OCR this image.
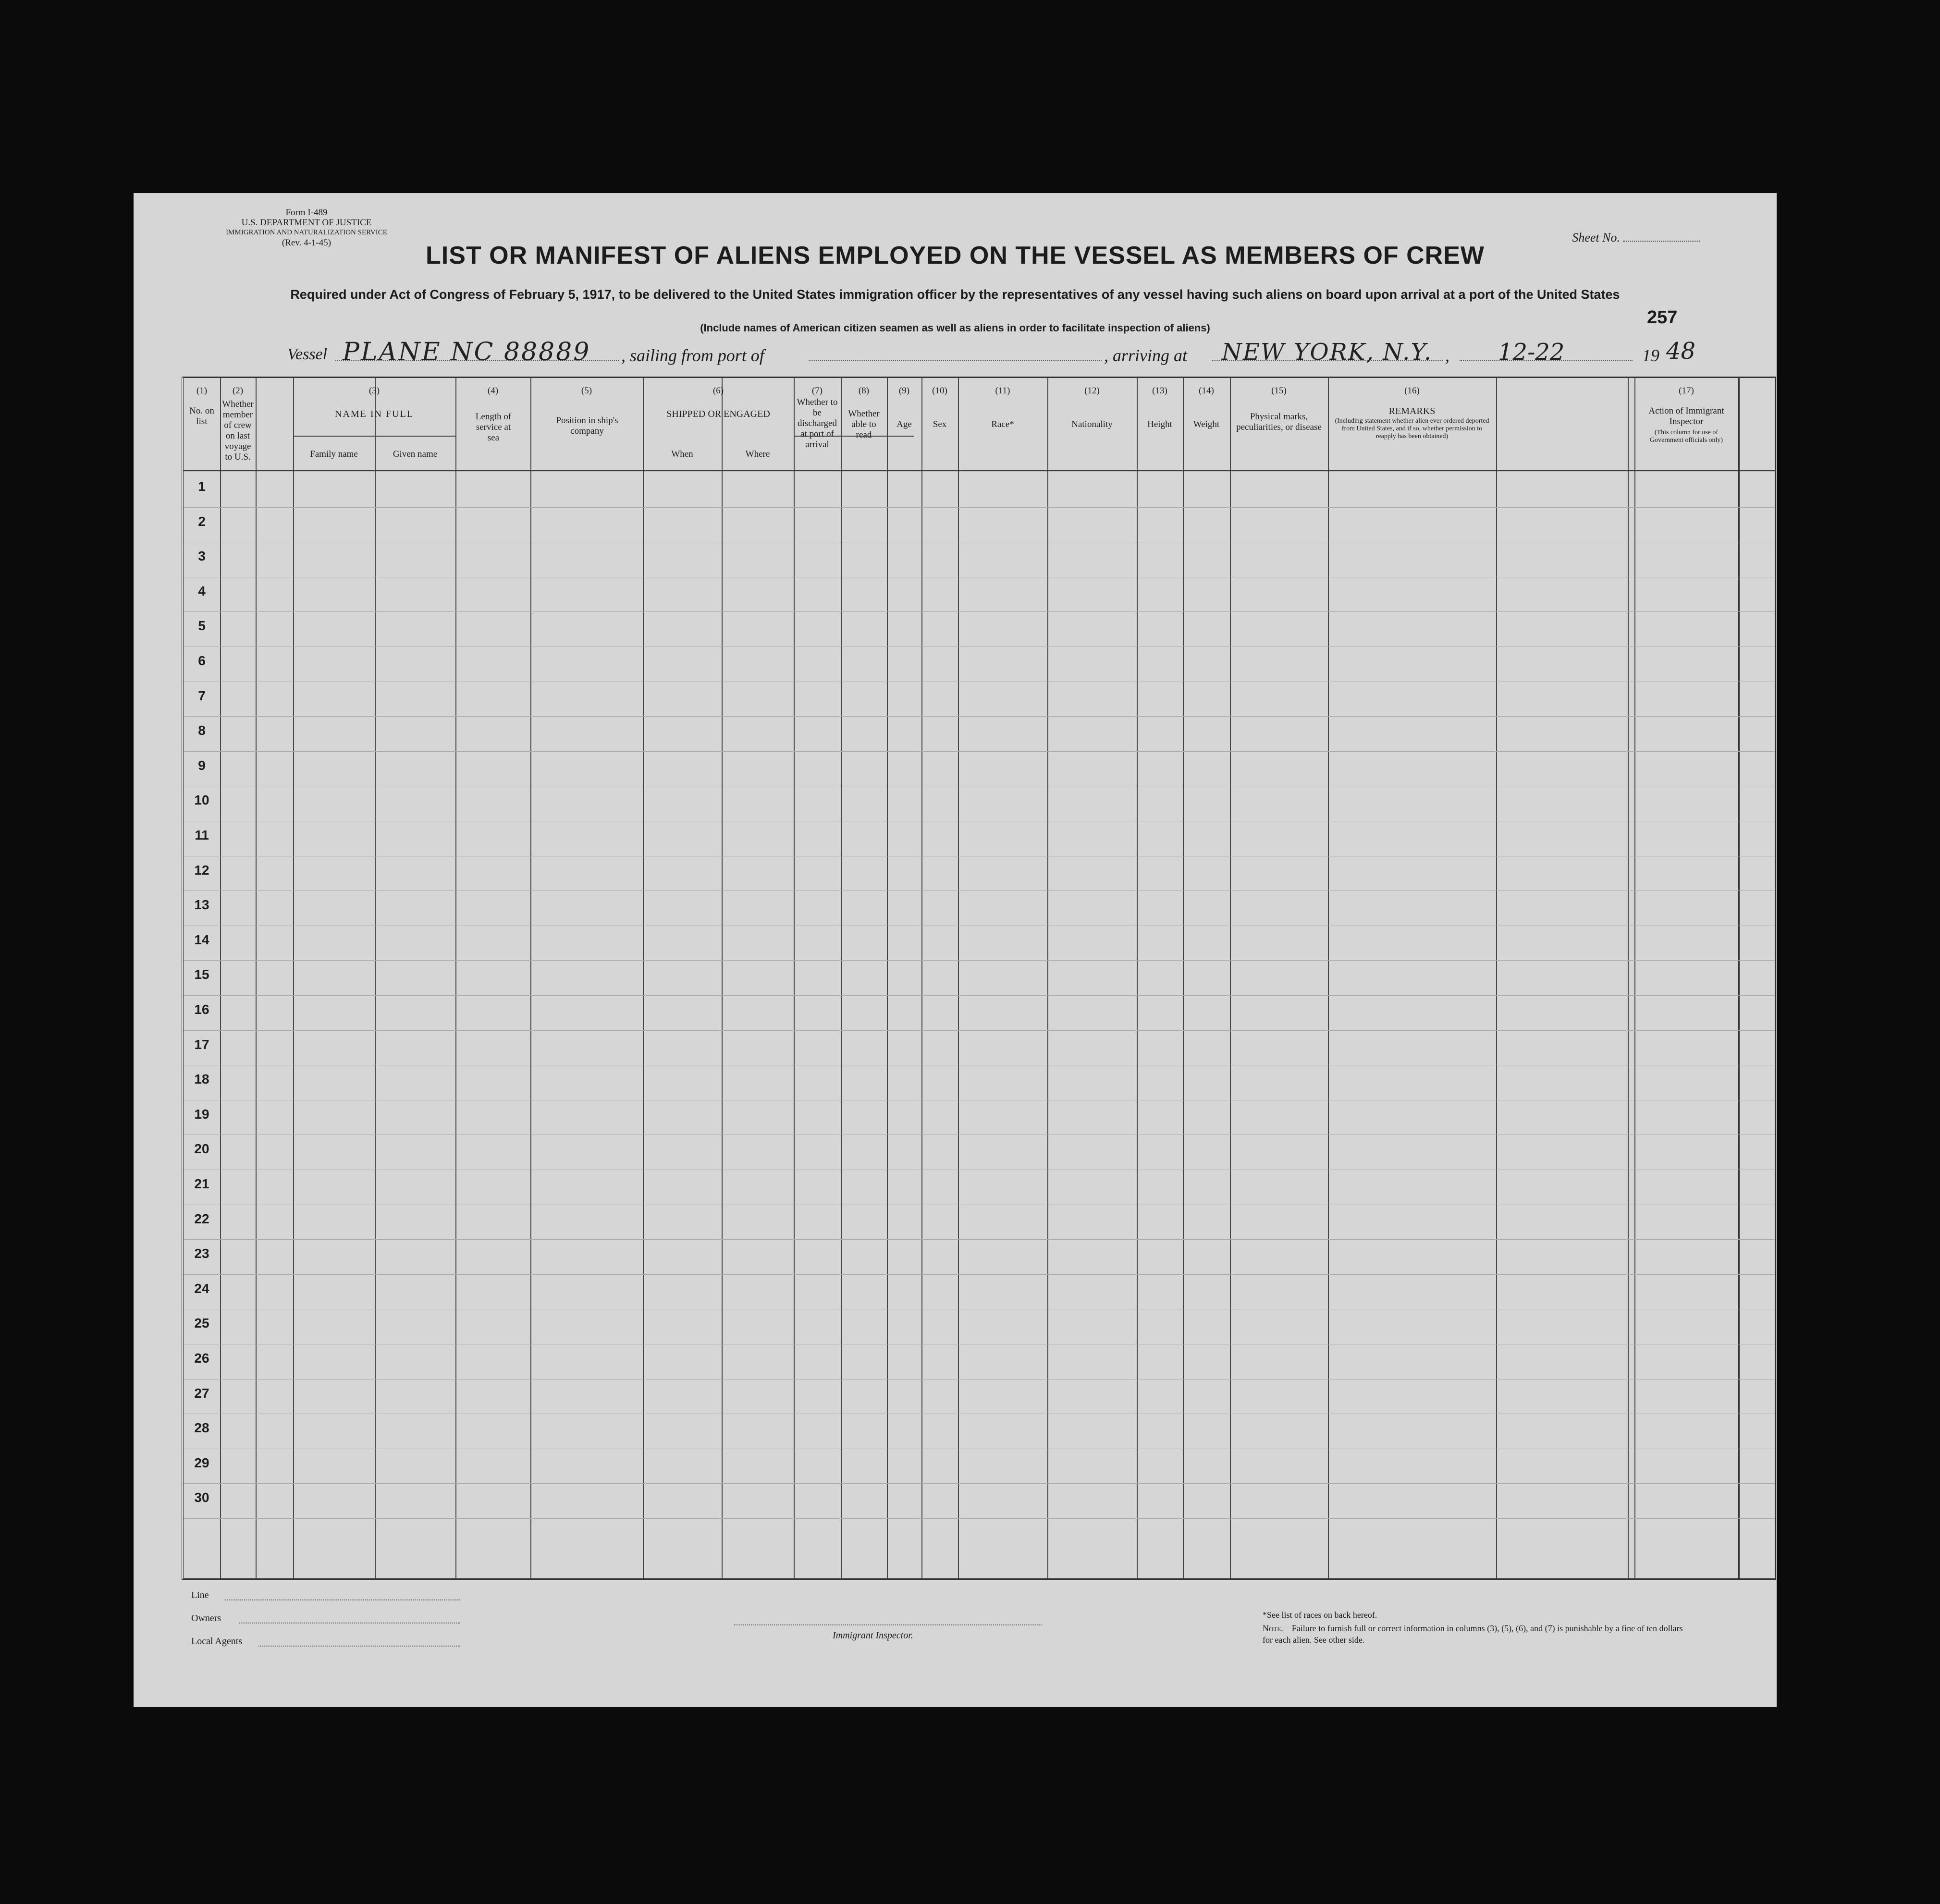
Form I-489
U.S. DEPARTMENT OF JUSTICE
IMMIGRATION AND NATURALIZATION SERVICE
(Rev. 4-1-45)	Sheet No.
LIST OR MANIFEST OF ALIENS EMPLOYED ON THE VESSEL AS MEMBERS OF CREW
Required under Act of Congress of February 5, 1917, to be delivered to the United States immigration officer by the representatives of any vessel having such aliens on board upon arrival at a port of the United States
257
(Include names of American citizen seamen as well as aliens in order to facilitate inspection of aliens)
Vessel PLANE NC 88889 , sailing from port of	, arriving at NEW YORK, N.Y. , 12-22	19 48
(1)
No. on list
(2)
Whether member of crew on last voyage to U.S.
(3)
NAME IN FULL
Family name	Given name
(4)
Length of service at sea
(5)
Position in ship's company
(6)
SHIPPED OR ENGAGED
When	Where
(7)
Whether to be discharged at port of arrival
(8)
Whether able to read
(9)
Age
(10)
Sex
(11)
Race*
(12)
Nationality
(13)
Height
(14)
Weight
(15)
Physical marks, peculiarities, or disease
(16)
REMARKS
(Including statement whether alien ever ordered deported from United States, and if so, whether permission to reapply has been obtained)
(17)
Action of Immigrant Inspector
(This column for use of Government officials only)
1
2
3
4
5
6
7
8
9
10
11
12
13
14
15
16
17
18
19
20
21
22
23
24
25
26
27
28
29
30
Line
Owners
Local Agents
Immigrant Inspector.
*See list of races on back hereof.
Note.—Failure to furnish full or correct information in columns (3), (5), (6), and (7) is punishable by a fine of ten dollars for each alien. See other side.
